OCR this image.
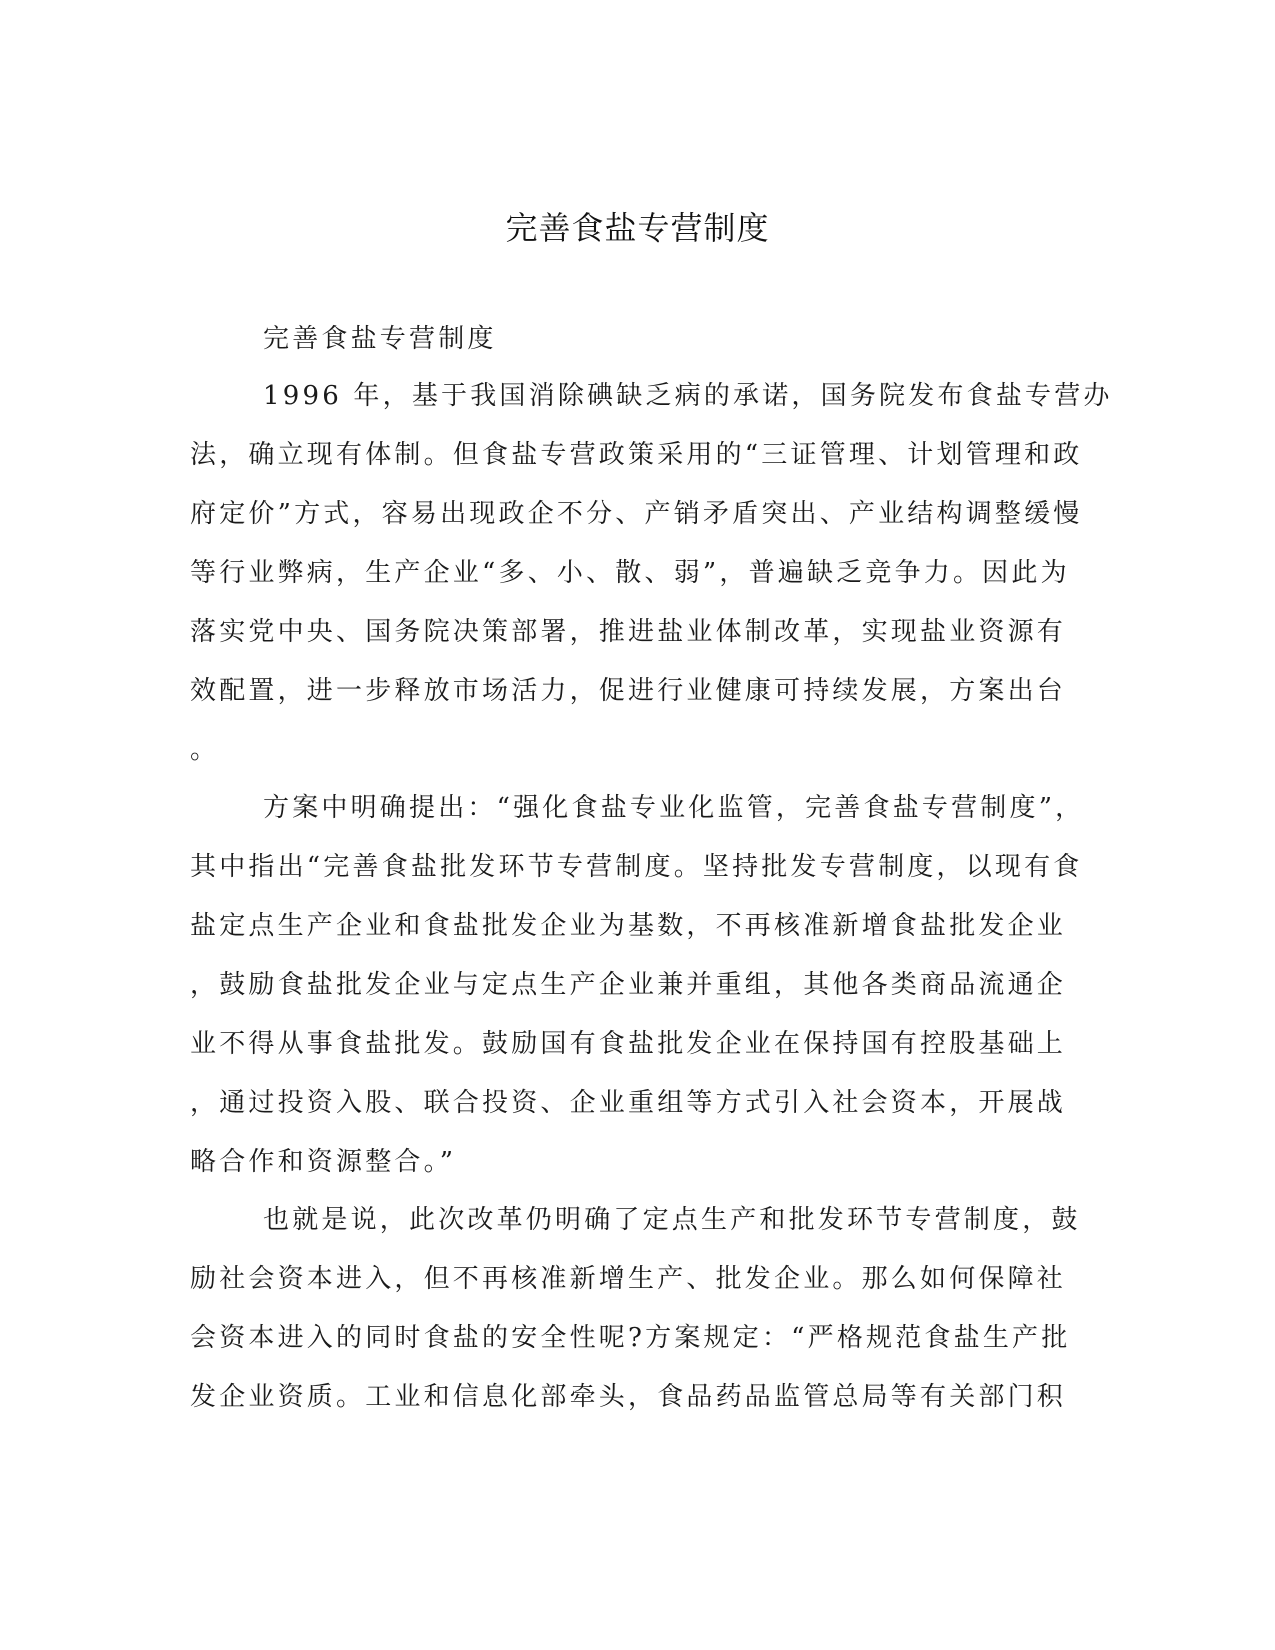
完善食盐专营制度
完善食盐专营制度
1996 年，基于我国消除碘缺乏病的承诺，国务院发布食盐专营办
法，确立现有体制。但食盐专营政策采用的“三证管理、计划管理和政
府定价”方式，容易出现政企不分、产销矛盾突出、产业结构调整缓慢
等行业弊病，生产企业“多、小、散、弱”，普遍缺乏竞争力。因此为
落实党中央、国务院决策部署，推进盐业体制改革，实现盐业资源有
效配置，进一步释放市场活力，促进行业健康可持续发展，方案出台
。
方案中明确提出：“强化食盐专业化监管，完善食盐专营制度”，
其中指出“完善食盐批发环节专营制度。坚持批发专营制度，以现有食
盐定点生产企业和食盐批发企业为基数，不再核准新增食盐批发企业
，鼓励食盐批发企业与定点生产企业兼并重组，其他各类商品流通企
业不得从事食盐批发。鼓励国有食盐批发企业在保持国有控股基础上
，通过投资入股、联合投资、企业重组等方式引入社会资本，开展战
略合作和资源整合。”
也就是说，此次改革仍明确了定点生产和批发环节专营制度，鼓
励社会资本进入，但不再核准新增生产、批发企业。那么如何保障社
会资本进入的同时食盐的安全性呢?方案规定：“严格规范食盐生产批
发企业资质。工业和信息化部牵头，食品药品监管总局等有关部门积
